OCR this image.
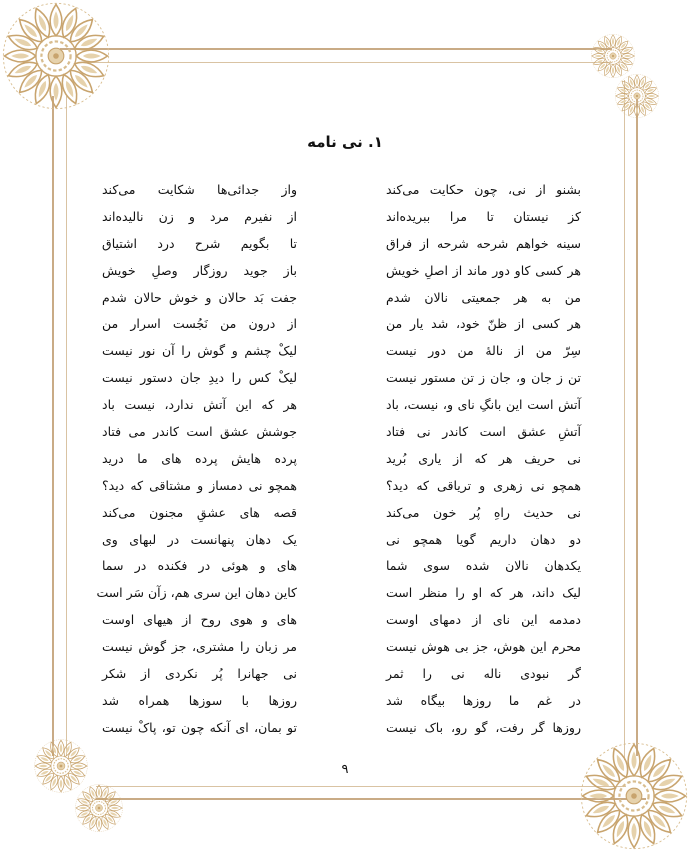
۱. نی نامه
بشنو از نی، چون حکایت می‌کند
کز نیستان تا مرا ببریده‌اند
سینه خواهم شرحه شرحه از فراق
هر کسی کاو دور ماند از اصلِ خویش
من به هر جمعیتی نالان شدم
هر کسی از ظنّ خود، شد یار من
سِرّ من از نالهٔ من دور نیست
تن ز جان و، جان ز تن مستور نیست
آتش است این بانگِ نای و، نیست، باد
آتشِ عشق است کاندر نی فتاد
نی حریف هر که از یاری بُرید
همچو نی زهری و تریاقی که دید؟
نی حدیث راهِ پُر خون می‌کند
دو دهان داریم گویا همچو نی
یکدهان نالان شده سوی شما
لیک داند، هر که او را منظر است
دمدمه این نای از دمهای اوست
محرم این هوش، جز بی هوش نیست
گر نبودی ناله نی را ثمر
در غم ما روزها بیگاه شد
روزها گر رفت، گو رو، باک نیست
واز جدائی‌ها شکایت می‌کند
از نفیرم مرد و زن نالیده‌اند
تا بگویم شرح درد اشتیاق
باز جوید روزگار وصلِ خویش
جفت بَد حالان و خوش حالان شدم
از درون من نَجُست اسرار من
لیکْ چشم و گوش را آن نور نیست
لیکْ کس را دیدِ جان دستور نیست
هر که این آتش ندارد، نیست باد
جوشش عشق است کاندر می فتاد
پرده‌ هایش پرده‌ های ما درید
همچو نی دمساز و مشتاقی که دید؟
قصه های عشقِ مجنون می‌کند
یک دهان پنهانست در لبهای وی
های و هوئی در فکنده در سما
کاین دهان این سری هم، زآن سَر است
های و هوی روح از هیهای اوست
مر زبان را مشتری، جز گوش نیست
نی جهانرا پُر نکردی از شکر
روزها با سوزها همراه شد
تو بمان، ای آنکه چون تو، پاکْ نیست
۹
